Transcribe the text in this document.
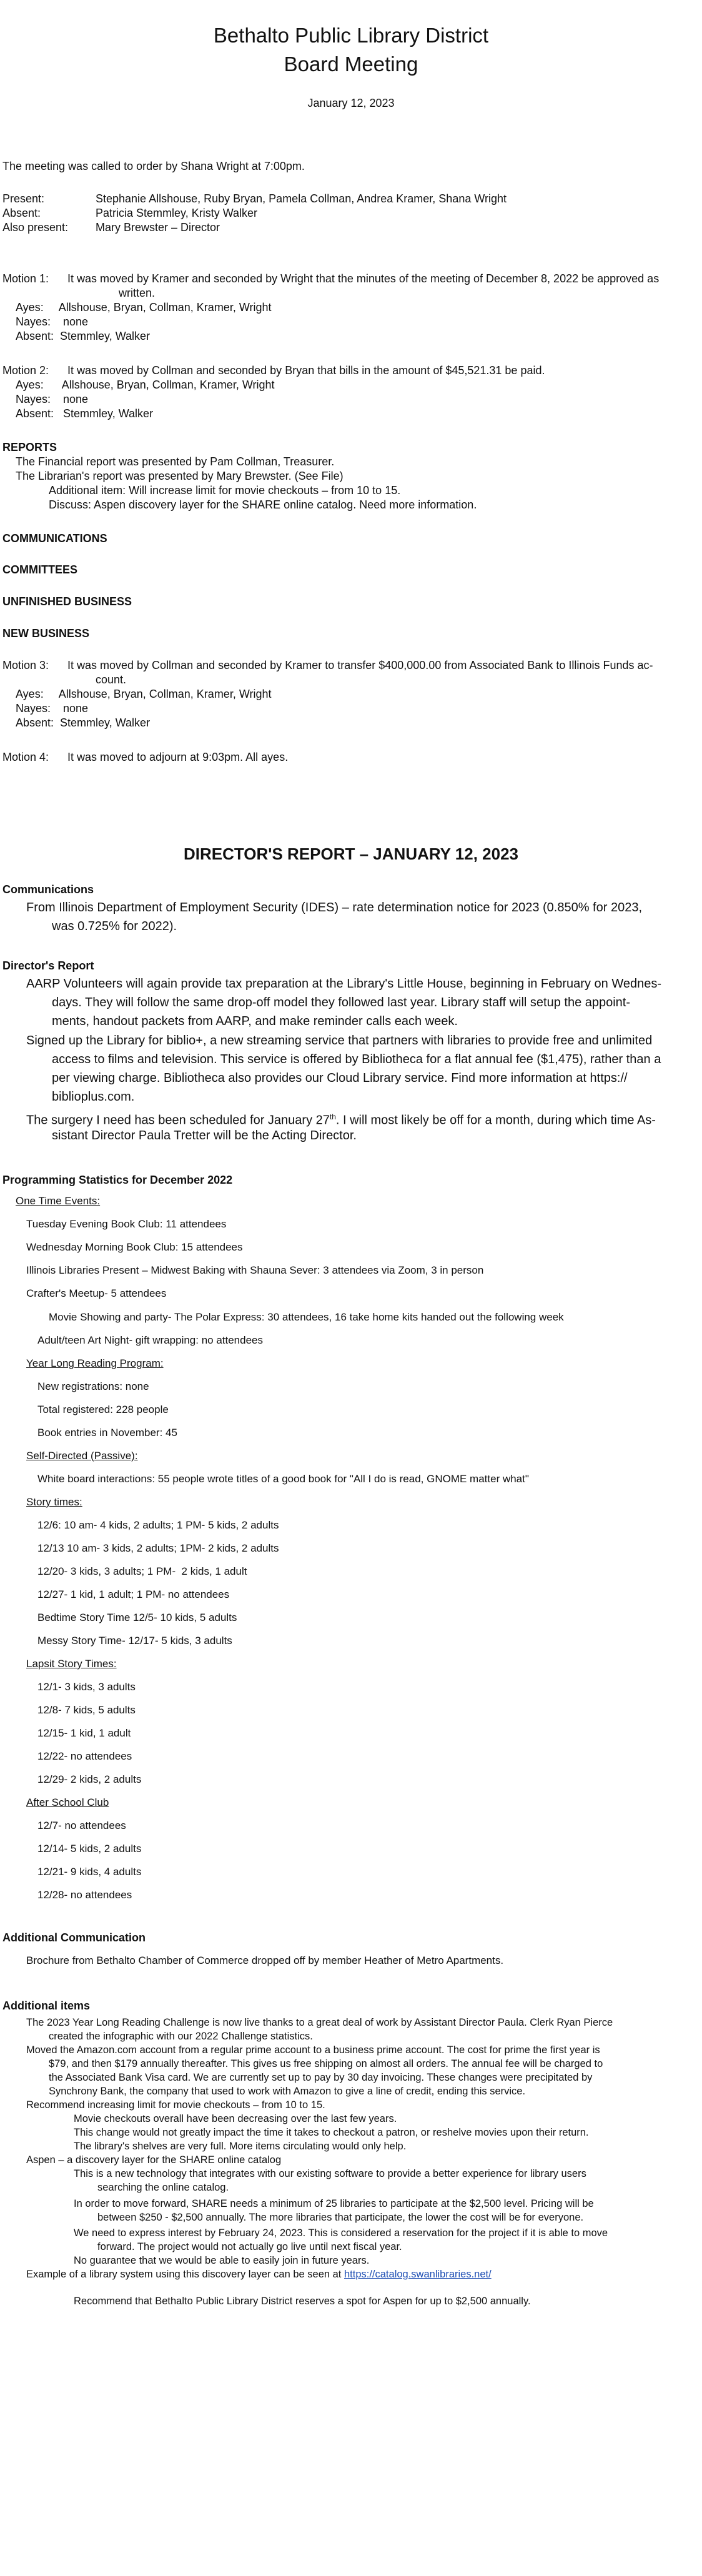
Bethalto Public Library District
Board Meeting
January 12, 2023
The meeting was called to order by Shana Wright at 7:00pm.
Present:	Stephanie Allshouse, Ruby Bryan, Pamela Collman, Andrea Kramer, Shana Wright
Absent:	Patricia Stemmley, Kristy Walker
Also present: Mary Brewster – Director
Motion 1: It was moved by Kramer and seconded by Wright that the minutes of the meeting of December 8, 2022 be approved as
written.
Ayes:     Allshouse, Bryan, Collman, Kramer, Wright
Nayes:    none
Absent:  Stemmley, Walker
Motion 2: It was moved by Collman and seconded by Bryan that bills in the amount of $45,521.31 be paid.
Ayes:      Allshouse, Bryan, Collman, Kramer, Wright
Nayes:    none
Absent:   Stemmley, Walker
REPORTS
The Financial report was presented by Pam Collman, Treasurer.
The Librarian's report was presented by Mary Brewster. (See File)
Additional item: Will increase limit for movie checkouts – from 10 to 15.
Discuss: Aspen discovery layer for the SHARE online catalog. Need more information.
COMMUNICATIONS
COMMITTEES
UNFINISHED BUSINESS
NEW BUSINESS
Motion 3: It was moved by Collman and seconded by Kramer to transfer $400,000.00 from Associated Bank to Illinois Funds ac-
count.
Ayes:     Allshouse, Bryan, Collman, Kramer, Wright
Nayes:    none
Absent:  Stemmley, Walker
Motion 4: It was moved to adjourn at 9:03pm. All ayes.
DIRECTOR'S REPORT – JANUARY 12, 2023
Communications
From Illinois Department of Employment Security (IDES) – rate determination notice for 2023 (0.850% for 2023,
was 0.725% for 2022).
Director's Report
AARP Volunteers will again provide tax preparation at the Library's Little House, beginning in February on Wednes-
days. They will follow the same drop-off model they followed last year. Library staff will setup the appoint-
ments, handout packets from AARP, and make reminder calls each week.
Signed up the Library for biblio+, a new streaming service that partners with libraries to provide free and unlimited
access to films and television. This service is offered by Bibliotheca for a flat annual fee ($1,475), rather than a
per viewing charge. Bibliotheca also provides our Cloud Library service. Find more information at https://
biblioplus.com.
The surgery I need has been scheduled for January 27th. I will most likely be off for a month, during which time As-
sistant Director Paula Tretter will be the Acting Director.
Programming Statistics for December 2022
One Time Events:
Tuesday Evening Book Club: 11 attendees
Wednesday Morning Book Club: 15 attendees
Illinois Libraries Present – Midwest Baking with Shauna Sever: 3 attendees via Zoom, 3 in person
Crafter's Meetup- 5 attendees
Movie Showing and party- The Polar Express: 30 attendees, 16 take home kits handed out the following week
Adult/teen Art Night- gift wrapping: no attendees
Year Long Reading Program:
New registrations: none
Total registered: 228 people
Book entries in November: 45
Self-Directed (Passive):
White board interactions: 55 people wrote titles of a good book for "All I do is read, GNOME matter what"
Story times:
12/6: 10 am- 4 kids, 2 adults; 1 PM- 5 kids, 2 adults
12/13 10 am- 3 kids, 2 adults; 1PM- 2 kids, 2 adults
12/20- 3 kids, 3 adults; 1 PM-  2 kids, 1 adult
12/27- 1 kid, 1 adult; 1 PM- no attendees
Bedtime Story Time 12/5- 10 kids, 5 adults
Messy Story Time- 12/17- 5 kids, 3 adults
Lapsit Story Times:
12/1- 3 kids, 3 adults
12/8- 7 kids, 5 adults
12/15- 1 kid, 1 adult
12/22- no attendees
12/29- 2 kids, 2 adults
After School Club
12/7- no attendees
12/14- 5 kids, 2 adults
12/21- 9 kids, 4 adults
12/28- no attendees
Additional Communication
Brochure from Bethalto Chamber of Commerce dropped off by member Heather of Metro Apartments.
Additional items
The 2023 Year Long Reading Challenge is now live thanks to a great deal of work by Assistant Director Paula. Clerk Ryan Pierce
created the infographic with our 2022 Challenge statistics.
Moved the Amazon.com account from a regular prime account to a business prime account. The cost for prime the first year is
$79, and then $179 annually thereafter. This gives us free shipping on almost all orders. The annual fee will be charged to
the Associated Bank Visa card. We are currently set up to pay by 30 day invoicing. These changes were precipitated by
Synchrony Bank, the company that used to work with Amazon to give a line of credit, ending this service.
Recommend increasing limit for movie checkouts – from 10 to 15.
Movie checkouts overall have been decreasing over the last few years.
This change would not greatly impact the time it takes to checkout a patron, or reshelve movies upon their return.
The library's shelves are very full. More items circulating would only help.
Aspen – a discovery layer for the SHARE online catalog
This is a new technology that integrates with our existing software to provide a better experience for library users
searching the online catalog.
In order to move forward, SHARE needs a minimum of 25 libraries to participate at the $2,500 level. Pricing will be
between $250 - $2,500 annually. The more libraries that participate, the lower the cost will be for everyone.
We need to express interest by February 24, 2023. This is considered a reservation for the project if it is able to move
forward. The project would not actually go live until next fiscal year.
No guarantee that we would be able to easily join in future years.
Example of a library system using this discovery layer can be seen at https://catalog.swanlibraries.net/
Recommend that Bethalto Public Library District reserves a spot for Aspen for up to $2,500 annually.
